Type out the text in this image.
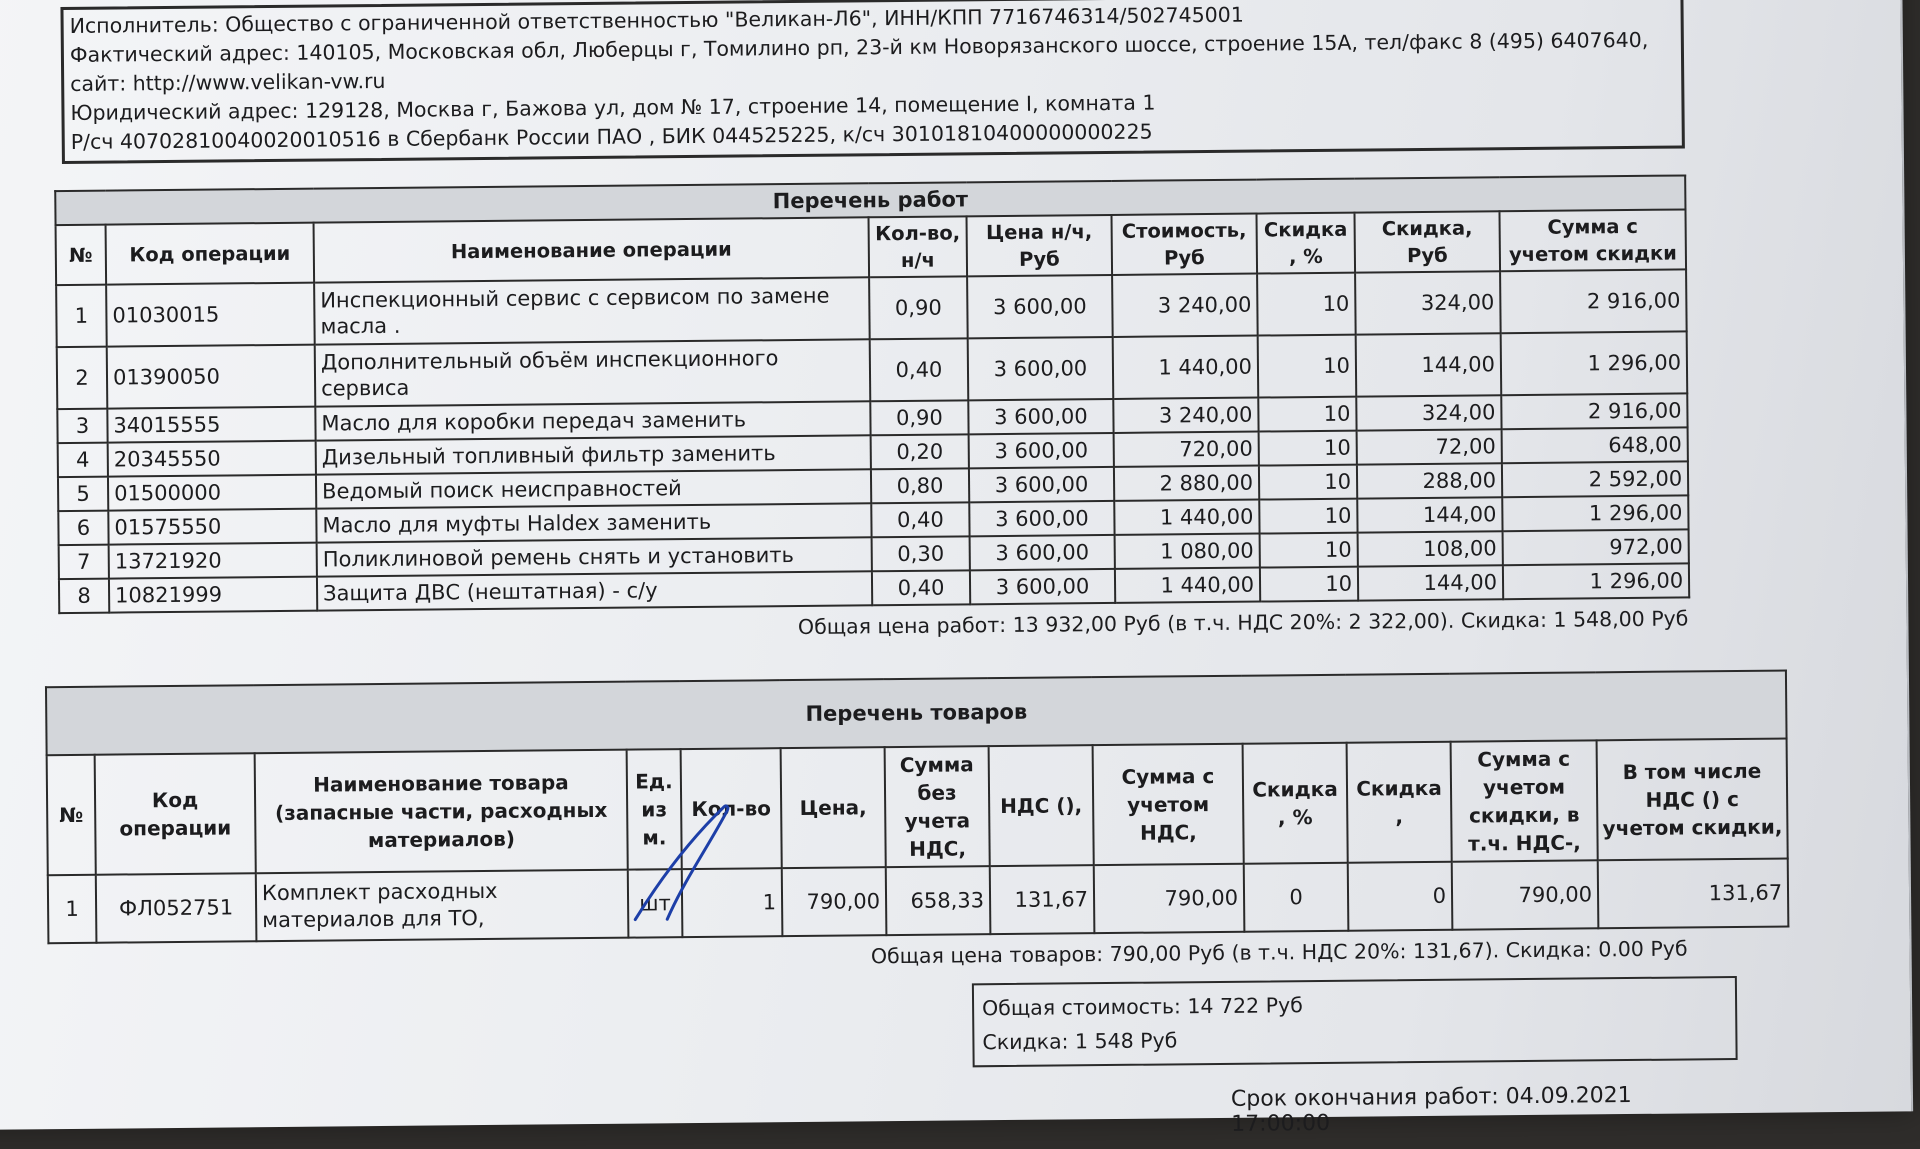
Исполнитель: Общество с ограниченной ответственностью "Великан-Л6", ИНН/КПП 7716746314/502745001
Фактический адрес: 140105, Московская обл, Люберцы г, Томилино рп, 23-й км Новорязанского шоссе, строение 15А, тел/факс 8 (495) 6407640, сайт: http://www.velikan-vw.ru
Юридический адрес: 129128, Москва г, Бажова ул, дом № 17, строение 14, помещение I, комната 1
Р/сч 40702810040020010516 в Сбербанк России ПАО , БИК 044525225, к/сч 30101810400000000225
Перечень работ								
№	Код операции	Наименование операции	Кол-во, н/ч	Цена н/ч, Руб	Стоимость, Руб	Скидка , %	Скидка, Руб	Сумма с учетом скидки
1	01030015	Инспекционный сервис с сервисом по замене масла .	0,90	3 600,00	3 240,00	10	324,00	2 916,00
2	01390050	Дополнительный объём инспекционного сервиса	0,40	3 600,00	1 440,00	10	144,00	1 296,00
3	34015555	Масло для коробки передач заменить	0,90	3 600,00	3 240,00	10	324,00	2 916,00
4	20345550	Дизельный топливный фильтр заменить	0,20	3 600,00	720,00	10	72,00	648,00
5	01500000	Ведомый поиск неисправностей	0,80	3 600,00	2 880,00	10	288,00	2 592,00
6	01575550	Масло для муфты Haldex заменить	0,40	3 600,00	1 440,00	10	144,00	1 296,00
7	13721920	Поликлиновой ремень снять и установить	0,30	3 600,00	1 080,00	10	108,00	972,00
8	10821999	Защита ДВС (нештатная) - с/у	0,40	3 600,00	1 440,00	10	144,00	1 296,00
Общая цена работ: 13 932,00 Руб (в т.ч. НДС 20%: 2 322,00). Скидка: 1 548,00 Руб
Перечень товаров												
№	Код операции	Наименование товара (запасные части, расходных материалов)	Ед. из м.	Кол-во	Цена,	Сумма без учета НДС,	НДС (),	Сумма с учетом НДС,	Скидка , %	Скидка ,	Сумма с учетом скидки, в т.ч. НДС-,	В том числе НДС () с учетом скидки,
1	ФЛ052751	Комплект расходных материалов для ТО,	шт	1	790,00	658,33	131,67	790,00	0	0	790,00	131,67
Общая цена товаров: 790,00 Руб (в т.ч. НДС 20%: 131,67). Скидка: 0.00 Руб
Общая стоимость: 14 722 Руб
Скидка: 1 548 Руб
Срок окончания работ: 04.09.2021 17:00:00
